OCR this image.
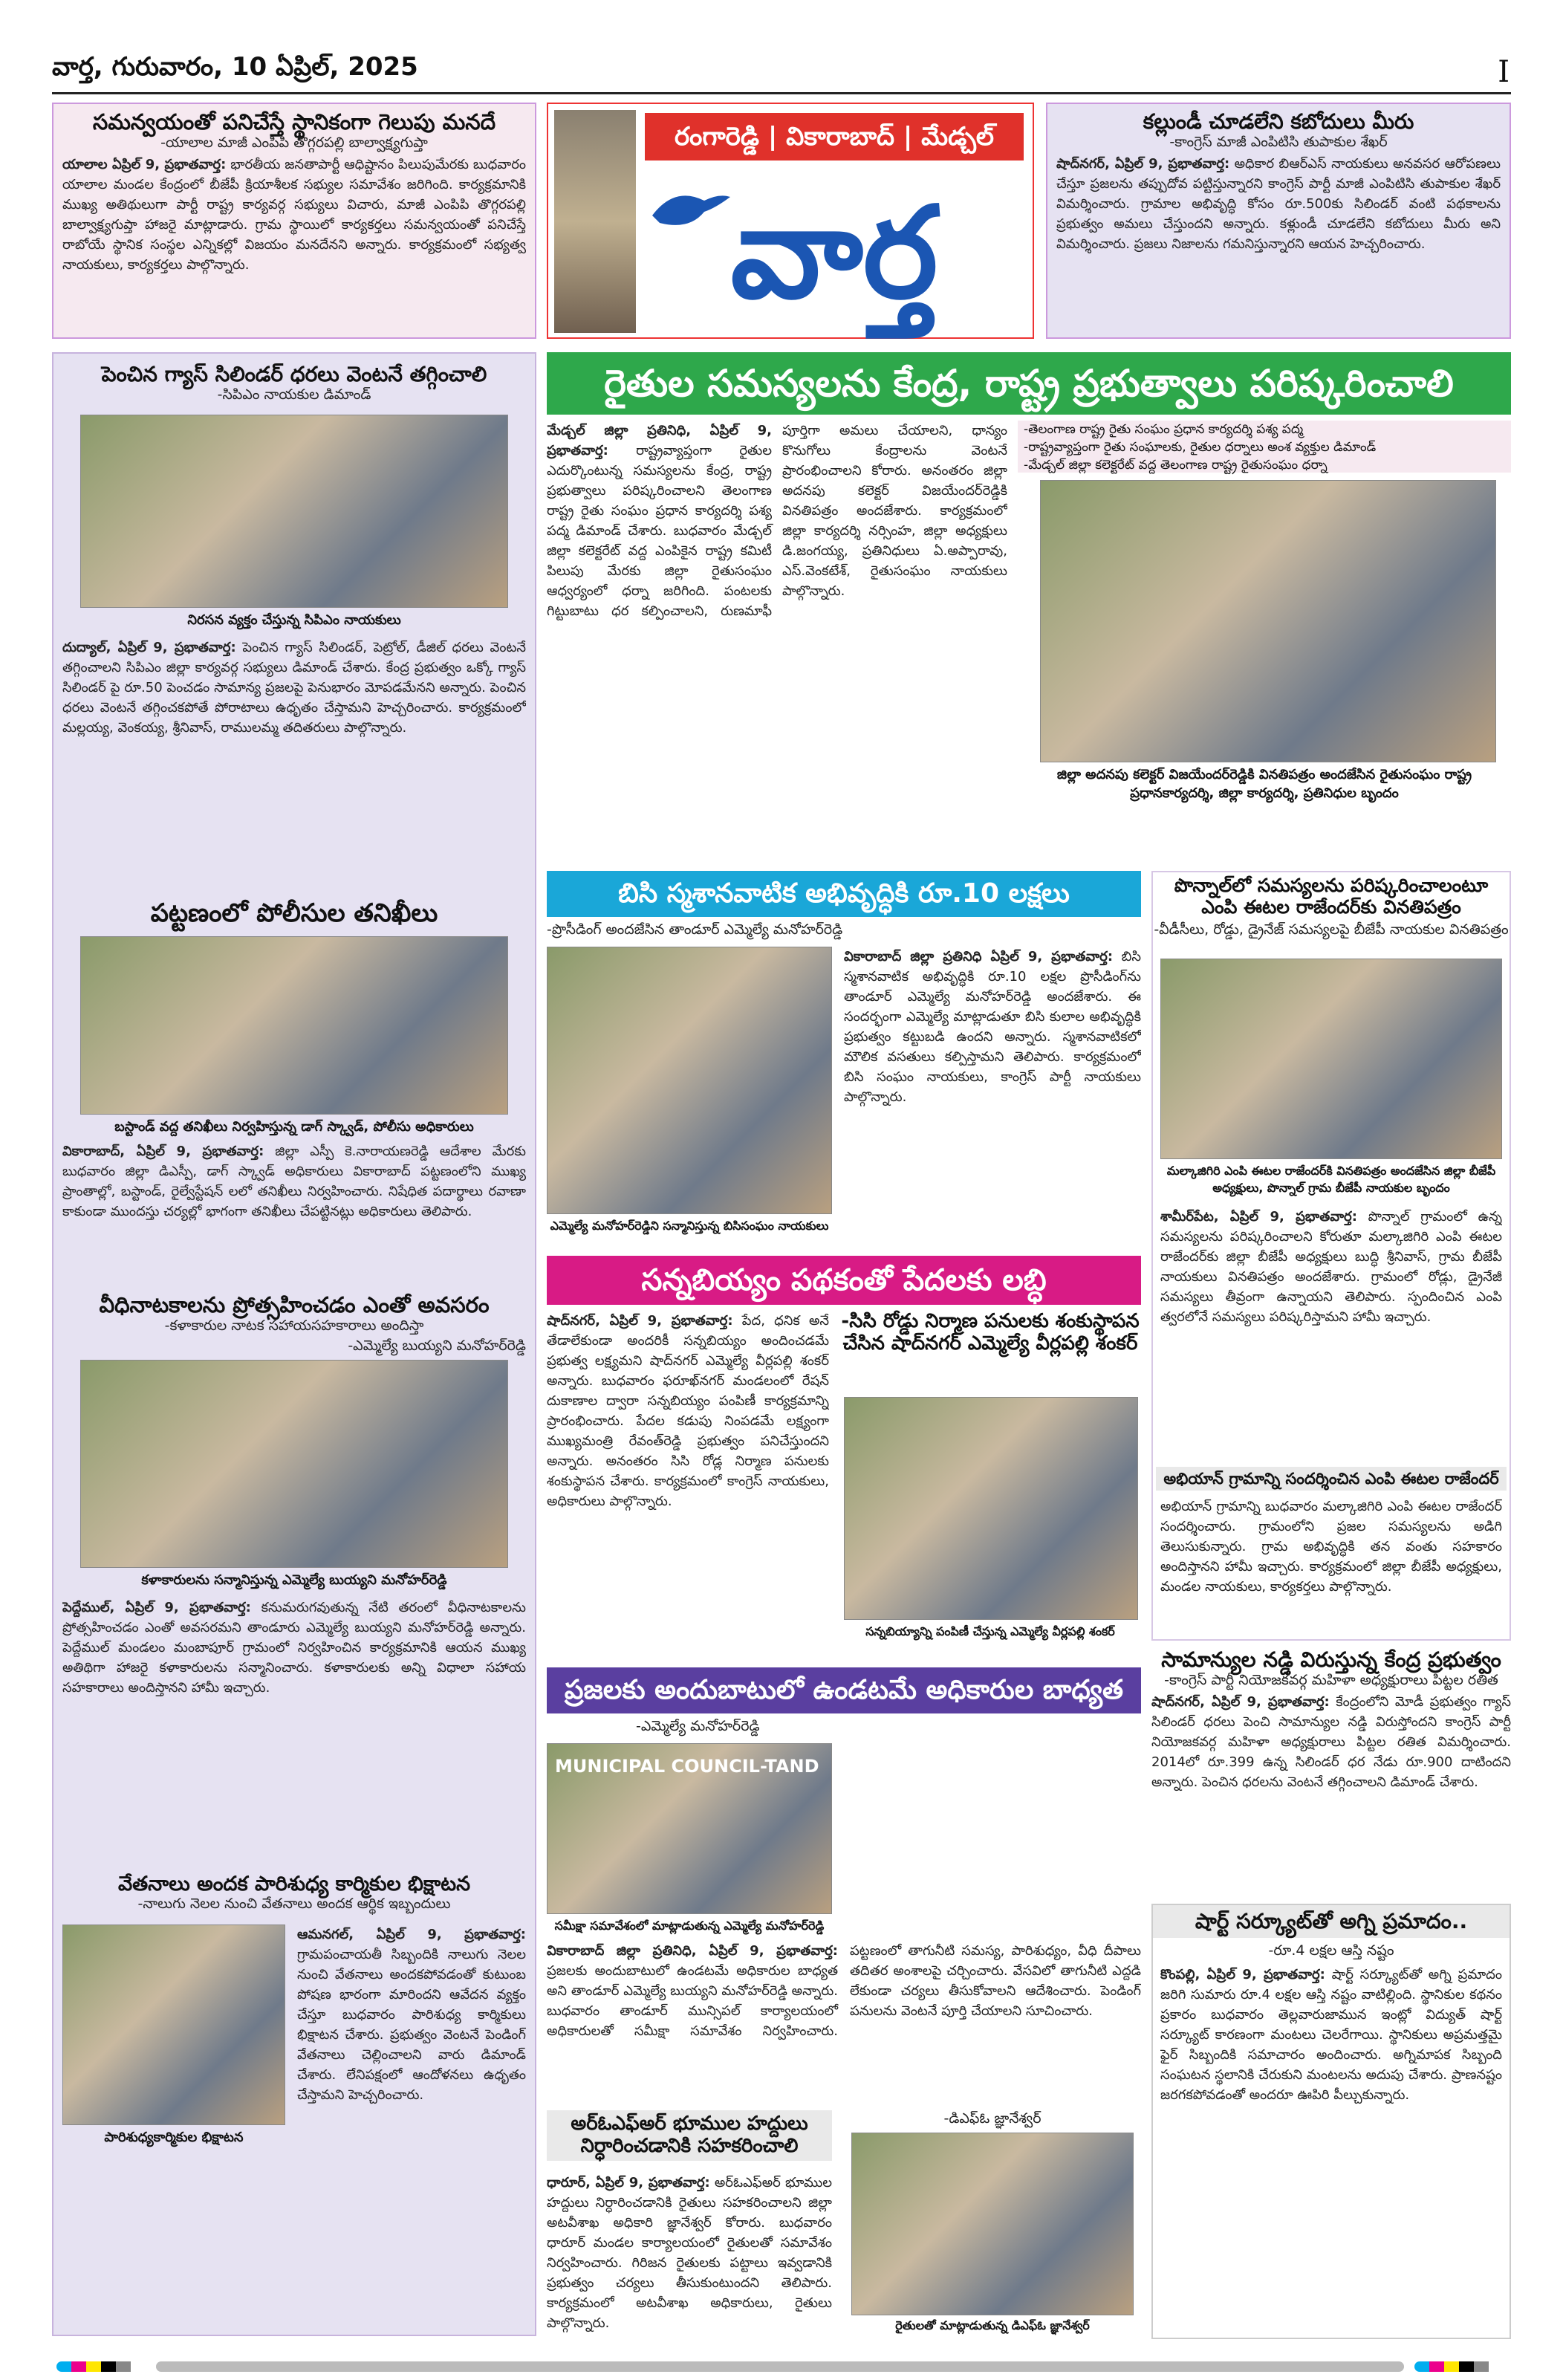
వార్త, గురువారం, 10 ఏప్రిల్, 2025	I
సమన్వయంతో పనిచేస్తే స్థానికంగా గెలుపు మనదే
-యాలాల మాజీ ఎంపిపి తొగ్గరపల్లి బాల్వాక్ష్యగుప్తా
యాలాల ఏప్రిల్ 9, ప్రభాతవార్త: భారతీయ జనతాపార్టీ ఆధిష్టానం పిలుపుమేరకు బుధవారం యాలాల మండల కేంద్రంలో బీజేపీ క్రియాశీలక సభ్యుల సమావేశం జరిగింది. కార్యక్రమానికి ముఖ్య అతిథులుగా పార్టీ రాష్ట్ర కార్యవర్గ సభ్యులు విచారు, మాజీ ఎంపిపి తొగ్గరపల్లి బాల్వాక్ష్యగుప్తా హాజరై మాట్లాడారు. గ్రామ స్థాయిలో కార్యకర్తలు సమన్వయంతో పనిచేస్తే రాబోయే స్థానిక సంస్థల ఎన్నికల్లో విజయం మనదేనని అన్నారు. కార్యక్రమంలో సభ్యత్వ నాయకులు, కార్యకర్తలు పాల్గొన్నారు.
రంగారెడ్డి | వికారాబాద్ | మేడ్చల్
వార్త
కల్లుండీ చూడలేని కబోదులు మీరు
-కాంగ్రెస్ మాజీ ఎంపిటిసి తుపాకుల శేఖర్
షాద్‌నగర్, ఏప్రిల్ 9, ప్రభాతవార్త: అధికార బిఆర్ఎస్ నాయకులు అనవసర ఆరోపణలు చేస్తూ ప్రజలను తప్పుదోవ పట్టిస్తున్నారని కాంగ్రెస్ పార్టీ మాజీ ఎంపిటిసి తుపాకుల శేఖర్ విమర్శించారు. గ్రామాల అభివృద్ధి కోసం రూ.500కు సిలిండర్ వంటి పథకాలను ప్రభుత్వం అమలు చేస్తుందని అన్నారు. కళ్లుండీ చూడలేని కబోదులు మీరు అని విమర్శించారు. ప్రజలు నిజాలను గమనిస్తున్నారని ఆయన హెచ్చరించారు.
పెంచిన గ్యాస్ సిలిండర్ ధరలు వెంటనే తగ్గించాలి
-సిపిఎం నాయకుల డిమాండ్
నిరసన వ్యక్తం చేస్తున్న సిపిఎం నాయకులు
దుద్యాల్, ఏప్రిల్ 9, ప్రభాతవార్త: పెంచిన గ్యాస్ సిలిండర్, పెట్రోల్, డీజిల్ ధరలు వెంటనే తగ్గించాలని సిపిఎం జిల్లా కార్యవర్గ సభ్యులు డిమాండ్ చేశారు. కేంద్ర ప్రభుత్వం ఒక్కో గ్యాస్ సిలిండర్ పై రూ.50 పెంచడం సామాన్య ప్రజలపై పెనుభారం మోపడమేనని అన్నారు. పెంచిన ధరలు వెంటనే తగ్గించకపోతే పోరాటాలు ఉధృతం చేస్తామని హెచ్చరించారు. కార్యక్రమంలో మల్లయ్య, వెంకయ్య, శ్రీనివాస్, రాములమ్మ తదితరులు పాల్గొన్నారు.
పట్టణంలో పోలీసుల తనిఖీలు
బస్టాండ్ వద్ద తనిఖీలు నిర్వహిస్తున్న డాగ్ స్క్వాడ్, పోలీసు అధికారులు
వికారాబాద్, ఏప్రిల్ 9, ప్రభాతవార్త: జిల్లా ఎస్పీ కె.నారాయణరెడ్డి ఆదేశాల మేరకు బుధవారం జిల్లా డిఎస్పీ, డాగ్ స్క్వాడ్ అధికారులు వికారాబాద్ పట్టణంలోని ముఖ్య ప్రాంతాల్లో, బస్టాండ్, రైల్వేస్టేషన్ లలో తనిఖీలు నిర్వహించారు. నిషేధిత పదార్థాలు రవాణా కాకుండా ముందస్తు చర్యల్లో భాగంగా తనిఖీలు చేపట్టినట్లు అధికారులు తెలిపారు.
వీధినాటకాలను ప్రోత్సహించడం ఎంతో అవసరం
-కళాకారుల నాటక సహాయసహకారాలు అందిస్తా
-ఎమ్మెల్యే బుయ్యని మనోహర్‌రెడ్డి
కళాకారులను సన్మానిస్తున్న ఎమ్మెల్యే బుయ్యని మనోహర్‌రెడ్డి
పెద్దేముల్, ఏప్రిల్ 9, ప్రభాతవార్త: కనుమరుగవుతున్న నేటి తరంలో వీధినాటకాలను ప్రోత్సహించడం ఎంతో అవసరమని తాండూరు ఎమ్మెల్యే బుయ్యని మనోహర్‌రెడ్డి అన్నారు. పెద్దేముల్ మండలం మంబాపూర్ గ్రామంలో నిర్వహించిన కార్యక్రమానికి ఆయన ముఖ్య అతిథిగా హాజరై కళాకారులను సన్మానించారు. కళాకారులకు అన్ని విధాలా సహాయ సహకారాలు అందిస్తానని హామీ ఇచ్చారు.
వేతనాలు అందక పారిశుధ్య కార్మికుల భిక్షాటన
-నాలుగు నెలల నుంచి వేతనాలు అందక ఆర్థిక ఇబ్బందులు
పారిశుధ్యకార్మికుల భిక్షాటన
ఆమనగల్, ఏప్రిల్ 9, ప్రభాతవార్త: గ్రామపంచాయతీ సిబ్బందికి నాలుగు నెలల నుంచి వేతనాలు అందకపోవడంతో కుటుంబ పోషణ భారంగా మారిందని ఆవేదన వ్యక్తం చేస్తూ బుధవారం పారిశుధ్య కార్మికులు భిక్షాటన చేశారు. ప్రభుత్వం వెంటనే పెండింగ్ వేతనాలు చెల్లించాలని వారు డిమాండ్ చేశారు. లేనిపక్షంలో ఆందోళనలు ఉధృతం చేస్తామని హెచ్చరించారు.
రైతుల సమస్యలను కేంద్ర, రాష్ట్ర ప్రభుత్వాలు పరిష్కరించాలి
మేడ్చల్ జిల్లా ప్రతినిధి, ఏప్రిల్ 9, ప్రభాతవార్త: రాష్ట్రవ్యాప్తంగా రైతుల ఎదుర్కొంటున్న సమస్యలను కేంద్ర, రాష్ట్ర ప్రభుత్వాలు పరిష్కరించాలని తెలంగాణ రాష్ట్ర రైతు సంఘం ప్రధాన కార్యదర్శి పశ్య పద్మ డిమాండ్ చేశారు. బుధవారం మేడ్చల్ జిల్లా కలెక్టరేట్ వద్ద ఎంపికైన రాష్ట్ర కమిటీ పిలుపు మేరకు జిల్లా రైతుసంఘం ఆధ్వర్యంలో ధర్నా జరిగింది. పంటలకు గిట్టుబాటు ధర కల్పించాలని, రుణమాఫీ పూర్తిగా అమలు చేయాలని, ధాన్యం కొనుగోలు కేంద్రాలను వెంటనే ప్రారంభించాలని కోరారు. అనంతరం జిల్లా అదనపు కలెక్టర్ విజయేందర్‌రెడ్డికి వినతిపత్రం అందజేశారు. కార్యక్రమంలో జిల్లా కార్యదర్శి నర్సింహ, జిల్లా అధ్యక్షులు డి.జంగయ్య, ప్రతినిధులు ఏ.అప్పారావు, ఎస్.వెంకటేశ్, రైతుసంఘం నాయకులు పాల్గొన్నారు.
-తెలంగాణ రాష్ట్ర రైతు సంఘం ప్రధాన కార్యదర్శి పశ్య పద్మ
-రాష్ట్రవ్యాప్తంగా రైతు సంఘాలకు, రైతుల ధర్నాలు అంశ వ్యక్తుల డిమాండ్
-మేడ్చల్ జిల్లా కలెక్టరేట్ వద్ద తెలంగాణ రాష్ట్ర రైతుసంఘం ధర్నా
జిల్లా అదనపు కలెక్టర్ విజయేందర్‌రెడ్డికి వినతిపత్రం అందజేసిన రైతుసంఘం రాష్ట్ర ప్రధానకార్యదర్శి, జిల్లా కార్యదర్శి, ప్రతినిధుల బృందం
బిసి స్మశానవాటిక అభివృద్ధికి రూ.10 లక్షలు
-ప్రొసీడింగ్ అందజేసిన తాండూర్ ఎమ్మెల్యే మనోహర్‌రెడ్డి
ఎమ్మెల్యే మనోహర్‌రెడ్డిని సన్మానిస్తున్న బిసిసంఘం నాయకులు
వికారాబాద్ జిల్లా ప్రతినిధి ఏప్రిల్ 9, ప్రభాతవార్త: బిసి స్మశానవాటిక అభివృద్ధికి రూ.10 లక్షల ప్రొసీడింగ్‌ను తాండూర్ ఎమ్మెల్యే మనోహర్‌రెడ్డి అందజేశారు. ఈ సందర్భంగా ఎమ్మెల్యే మాట్లాడుతూ బిసి కులాల అభివృద్ధికి ప్రభుత్వం కట్టుబడి ఉందని అన్నారు. స్మశానవాటికలో మౌలిక వసతులు కల్పిస్తామని తెలిపారు. కార్యక్రమంలో బిసి సంఘం నాయకులు, కాంగ్రెస్ పార్టీ నాయకులు పాల్గొన్నారు.
పొన్నాల్‌లో సమస్యలను పరిష్కరించాలంటూ ఎంపి ఈటల రాజేందర్‌కు వినతిపత్రం
-వీడీసీలు, రోడ్డు, డ్రైనేజ్ సమస్యలపై బీజేపీ నాయకుల వినతిపత్రం
మల్కాజిగిరి ఎంపి ఈటల రాజేందర్‌కి వినతిపత్రం అందజేసిన జిల్లా బీజేపీ అధ్యక్షులు, పొన్నాల్ గ్రామ బీజేపీ నాయకుల బృందం
శామీర్‌పేట, ఏప్రిల్ 9, ప్రభాతవార్త: పొన్నాల్ గ్రామంలో ఉన్న సమస్యలను పరిష్కరించాలని కోరుతూ మల్కాజిగిరి ఎంపి ఈటల రాజేందర్‌కు జిల్లా బీజేపీ అధ్యక్షులు బుద్ధి శ్రీనివాస్, గ్రామ బీజేపీ నాయకులు వినతిపత్రం అందజేశారు. గ్రామంలో రోడ్లు, డ్రైనేజీ సమస్యలు తీవ్రంగా ఉన్నాయని తెలిపారు. స్పందించిన ఎంపి త్వరలోనే సమస్యలు పరిష్కరిస్తామని హామీ ఇచ్చారు.
అభియాన్ గ్రామాన్ని సందర్శించిన ఎంపి ఈటల రాజేందర్
అభియాన్ గ్రామాన్ని బుధవారం మల్కాజిగిరి ఎంపి ఈటల రాజేందర్ సందర్శించారు. గ్రామంలోని ప్రజల సమస్యలను అడిగి తెలుసుకున్నారు. గ్రామ అభివృద్ధికి తన వంతు సహకారం అందిస్తానని హామీ ఇచ్చారు. కార్యక్రమంలో జిల్లా బీజేపీ అధ్యక్షులు, మండల నాయకులు, కార్యకర్తలు పాల్గొన్నారు.
సన్నబియ్యం పథకంతో పేదలకు లబ్ధి
షాద్‌నగర్, ఏప్రిల్ 9, ప్రభాతవార్త: పేద, ధనిక అనే తేడాలేకుండా అందరికీ సన్నబియ్యం అందించడమే ప్రభుత్వ లక్ష్యమని షాద్‌నగర్ ఎమ్మెల్యే వీర్లపల్లి శంకర్ అన్నారు. బుధవారం ఫరూఖ్‌నగర్ మండలంలో రేషన్ దుకాణాల ద్వారా సన్నబియ్యం పంపిణీ కార్యక్రమాన్ని ప్రారంభించారు. పేదల కడుపు నింపడమే లక్ష్యంగా ముఖ్యమంత్రి రేవంత్‌రెడ్డి ప్రభుత్వం పనిచేస్తుందని అన్నారు. అనంతరం సిసి రోడ్ల నిర్మాణ పనులకు శంకుస్థాపన చేశారు. కార్యక్రమంలో కాంగ్రెస్ నాయకులు, అధికారులు పాల్గొన్నారు.
-సిసి రోడ్డు నిర్మాణ పనులకు శంకుస్థాపన చేసిన షాద్‌నగర్ ఎమ్మెల్యే వీర్లపల్లి శంకర్
సన్నబియ్యాన్ని పంపిణీ చేస్తున్న ఎమ్మెల్యే వీర్లపల్లి శంకర్
సామాన్యుల నడ్డి విరుస్తున్న కేంద్ర ప్రభుత్వం
-కాంగ్రెస్ పార్టీ నియోజకవర్గ మహిళా అధ్యక్షురాలు పిట్టల రతిత
షాద్‌నగర్, ఏప్రిల్ 9, ప్రభాతవార్త: కేంద్రంలోని మోడీ ప్రభుత్వం గ్యాస్ సిలిండర్ ధరలు పెంచి సామాన్యుల నడ్డి విరుస్తోందని కాంగ్రెస్ పార్టీ నియోజకవర్గ మహిళా అధ్యక్షురాలు పిట్టల రతిత విమర్శించారు. 2014లో రూ.399 ఉన్న సిలిండర్ ధర నేడు రూ.900 దాటిందని అన్నారు. పెంచిన ధరలను వెంటనే తగ్గించాలని డిమాండ్ చేశారు.
ప్రజలకు అందుబాటులో ఉండటమే అధికారుల బాధ్యత
-ఎమ్మెల్యే మనోహర్‌రెడ్డి
MUNICIPAL COUNCIL-TAND
సమీక్షా సమావేశంలో మాట్లాడుతున్న ఎమ్మెల్యే మనోహర్‌రెడ్డి
వికారాబాద్ జిల్లా ప్రతినిధి, ఏప్రిల్ 9, ప్రభాతవార్త: ప్రజలకు అందుబాటులో ఉండటమే అధికారుల బాధ్యత అని తాండూర్ ఎమ్మెల్యే బుయ్యని మనోహర్‌రెడ్డి అన్నారు. బుధవారం తాండూర్ మున్సిపల్ కార్యాలయంలో అధికారులతో సమీక్షా సమావేశం నిర్వహించారు. పట్టణంలో తాగునీటి సమస్య, పారిశుధ్యం, వీధి దీపాలు తదితర అంశాలపై చర్చించారు. వేసవిలో తాగునీటి ఎద్దడి లేకుండా చర్యలు తీసుకోవాలని ఆదేశించారు. పెండింగ్ పనులను వెంటనే పూర్తి చేయాలని సూచించారు.
షార్ట్ సర్క్యూట్‌తో అగ్ని ప్రమాదం..
-రూ.4 లక్షల ఆస్తి నష్టం
కొంపల్లి, ఏప్రిల్ 9, ప్రభాతవార్త: షార్ట్ సర్క్యూట్‌తో అగ్ని ప్రమాదం జరిగి సుమారు రూ.4 లక్షల ఆస్తి నష్టం వాటిల్లింది. స్థానికుల కథనం ప్రకారం బుధవారం తెల్లవారుజామున ఇంట్లో విద్యుత్ షార్ట్ సర్క్యూట్ కారణంగా మంటలు చెలరేగాయి. స్థానికులు అప్రమత్తమై ఫైర్ సిబ్బందికి సమాచారం అందించారు. అగ్నిమాపక సిబ్బంది సంఘటన స్థలానికి చేరుకుని మంటలను అదుపు చేశారు. ప్రాణనష్టం జరగకపోవడంతో అందరూ ఊపిరి పీల్చుకున్నారు.
అర్‌ఓఎఫ్‌అర్ భూముల హద్దులు నిర్ధారించడానికి సహకరించాలి
ధారూర్, ఏప్రిల్ 9, ప్రభాతవార్త: అర్‌ఓఎఫ్‌అర్ భూముల హద్దులు నిర్ధారించడానికి రైతులు సహకరించాలని జిల్లా అటవీశాఖ అధికారి జ్ఞానేశ్వర్ కోరారు. బుధవారం ధారూర్ మండల కార్యాలయంలో రైతులతో సమావేశం నిర్వహించారు. గిరిజన రైతులకు పట్టాలు ఇవ్వడానికి ప్రభుత్వం చర్యలు తీసుకుంటుందని తెలిపారు. కార్యక్రమంలో అటవీశాఖ అధికారులు, రైతులు పాల్గొన్నారు.
-డిఎఫ్ఓ జ్ఞానేశ్వర్
రైతులతో మాట్లాడుతున్న డిఎఫ్ఓ జ్ఞానేశ్వర్
